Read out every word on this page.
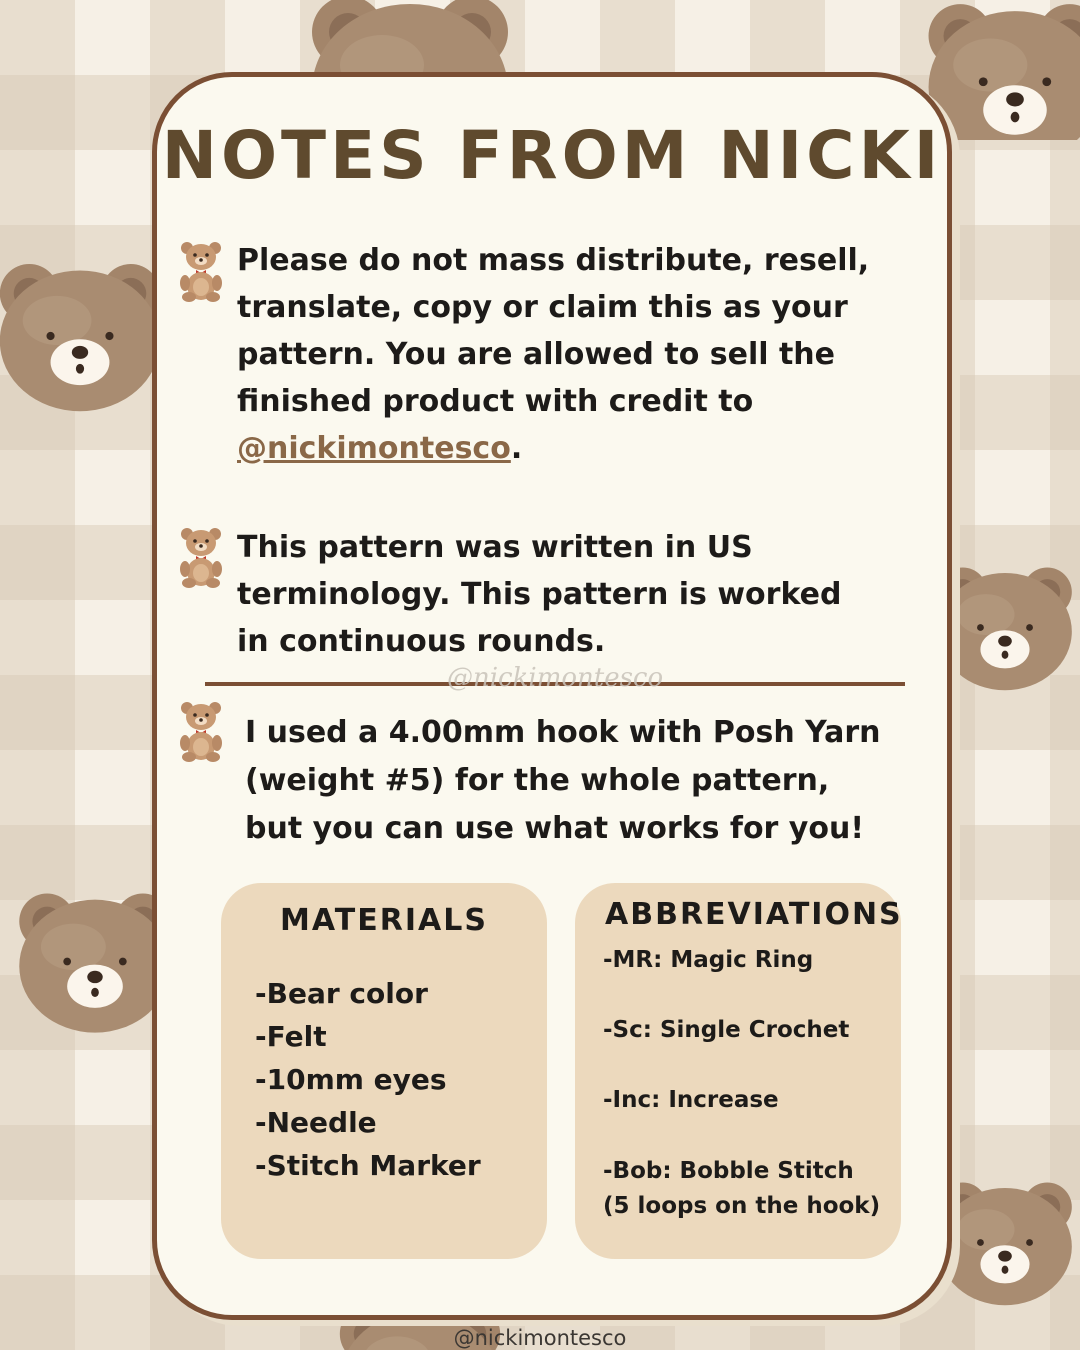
NOTES FROM NICKI

Please do not mass distribute, resell, translate, copy or claim this as your pattern. You are allowed to sell the finished product with credit to @nickimontesco.

This pattern was written in US terminology. This pattern is worked in continuous rounds.

@nickimontesco

I used a 4.00mm hook with Posh Yarn (weight #5) for the whole pattern, but you can use what works for you!

MATERIALS
-Bear color
-Felt
-10mm eyes
-Needle
-Stitch Marker
ABBREVIATIONS
-MR: Magic Ring
-Sc: Single Crochet
-Inc: Increase
-Bob: Bobble Stitch
(5 loops on the hook)
@nickimontesco
